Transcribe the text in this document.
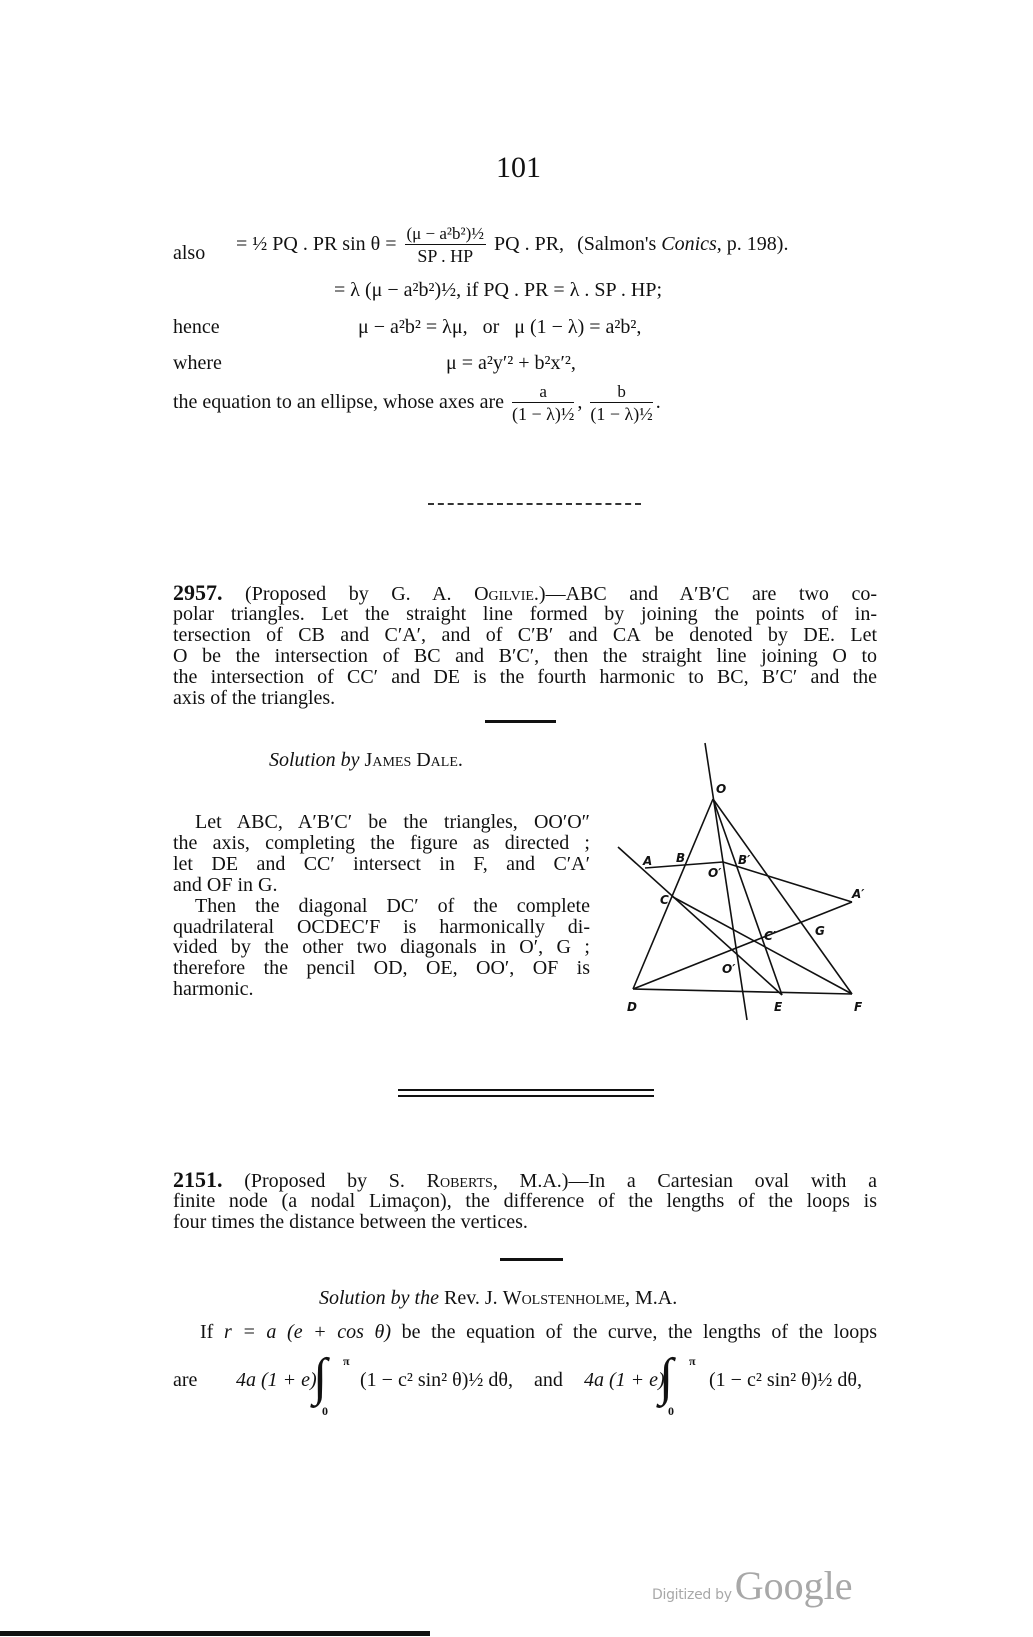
101
also = ½ PQ . PR $\sin \theta = \frac{\text{(μ − a²b²)½}}{SP . HP}$ PQ . PR, (Salmon's Conics, p. 198).
= λ (μ − a²b²)½, if PQ . PR = λ . SP . HP;
hence	μ − a²b² = λμ,   or   μ (1 − λ) = a²b²,
where	μ = a²y′² + b²x′²,
the equation to an ellipse, whose axes are $\frac{a}{\text{(1 − λ)½}}$ , $\frac{b}{\text{(1 − λ)½}}$ .
2957. (Proposed by G. A. Ogilvie.)—ABC and A′B′C are two co-
polar triangles. Let the straight line formed by joining the points of in-
tersection of CB and C′A′, and of C′B′ and CA be denoted by DE. Let
O be the intersection of BC and B′C′, then the straight line joining O to
the intersection of CC′ and DE is the fourth harmonic to BC, B′C′ and the
axis of the triangles.
Solution by James Dale.
Let ABC, A′B′C′ be the triangles, OO′O″
the axis, completing the figure as directed ;
let DE and CC′ intersect in F, and C′A′
and OF in G.
Then the diagonal DC′ of the complete
quadrilateral OCDEC′F is harmonically di-
vided by the other two diagonals in O′, G ;
therefore the pencil OD, OE, OO′, OF is
harmonic.
O
A B
O′
B′
A′
C
C′	G
O′
D	E	F
2151. (Proposed by S. Roberts, M.A.)—In a Cartesian oval with a
finite node (a nodal Limaçon), the difference of the lengths of the loops is
four times the distance between the vertices.
Solution by the Rev. J. Wolstenholme, M.A.
If r = a (e + cos θ) be the equation of the curve, the lengths of the loops
are 4a (1 + e)
∫ π
0
(1 − c² sin² θ)½ dθ, and 4a (1 + e)
∫ π
0
(1 − c² sin² θ)½ dθ,
Digitized byGoogle
